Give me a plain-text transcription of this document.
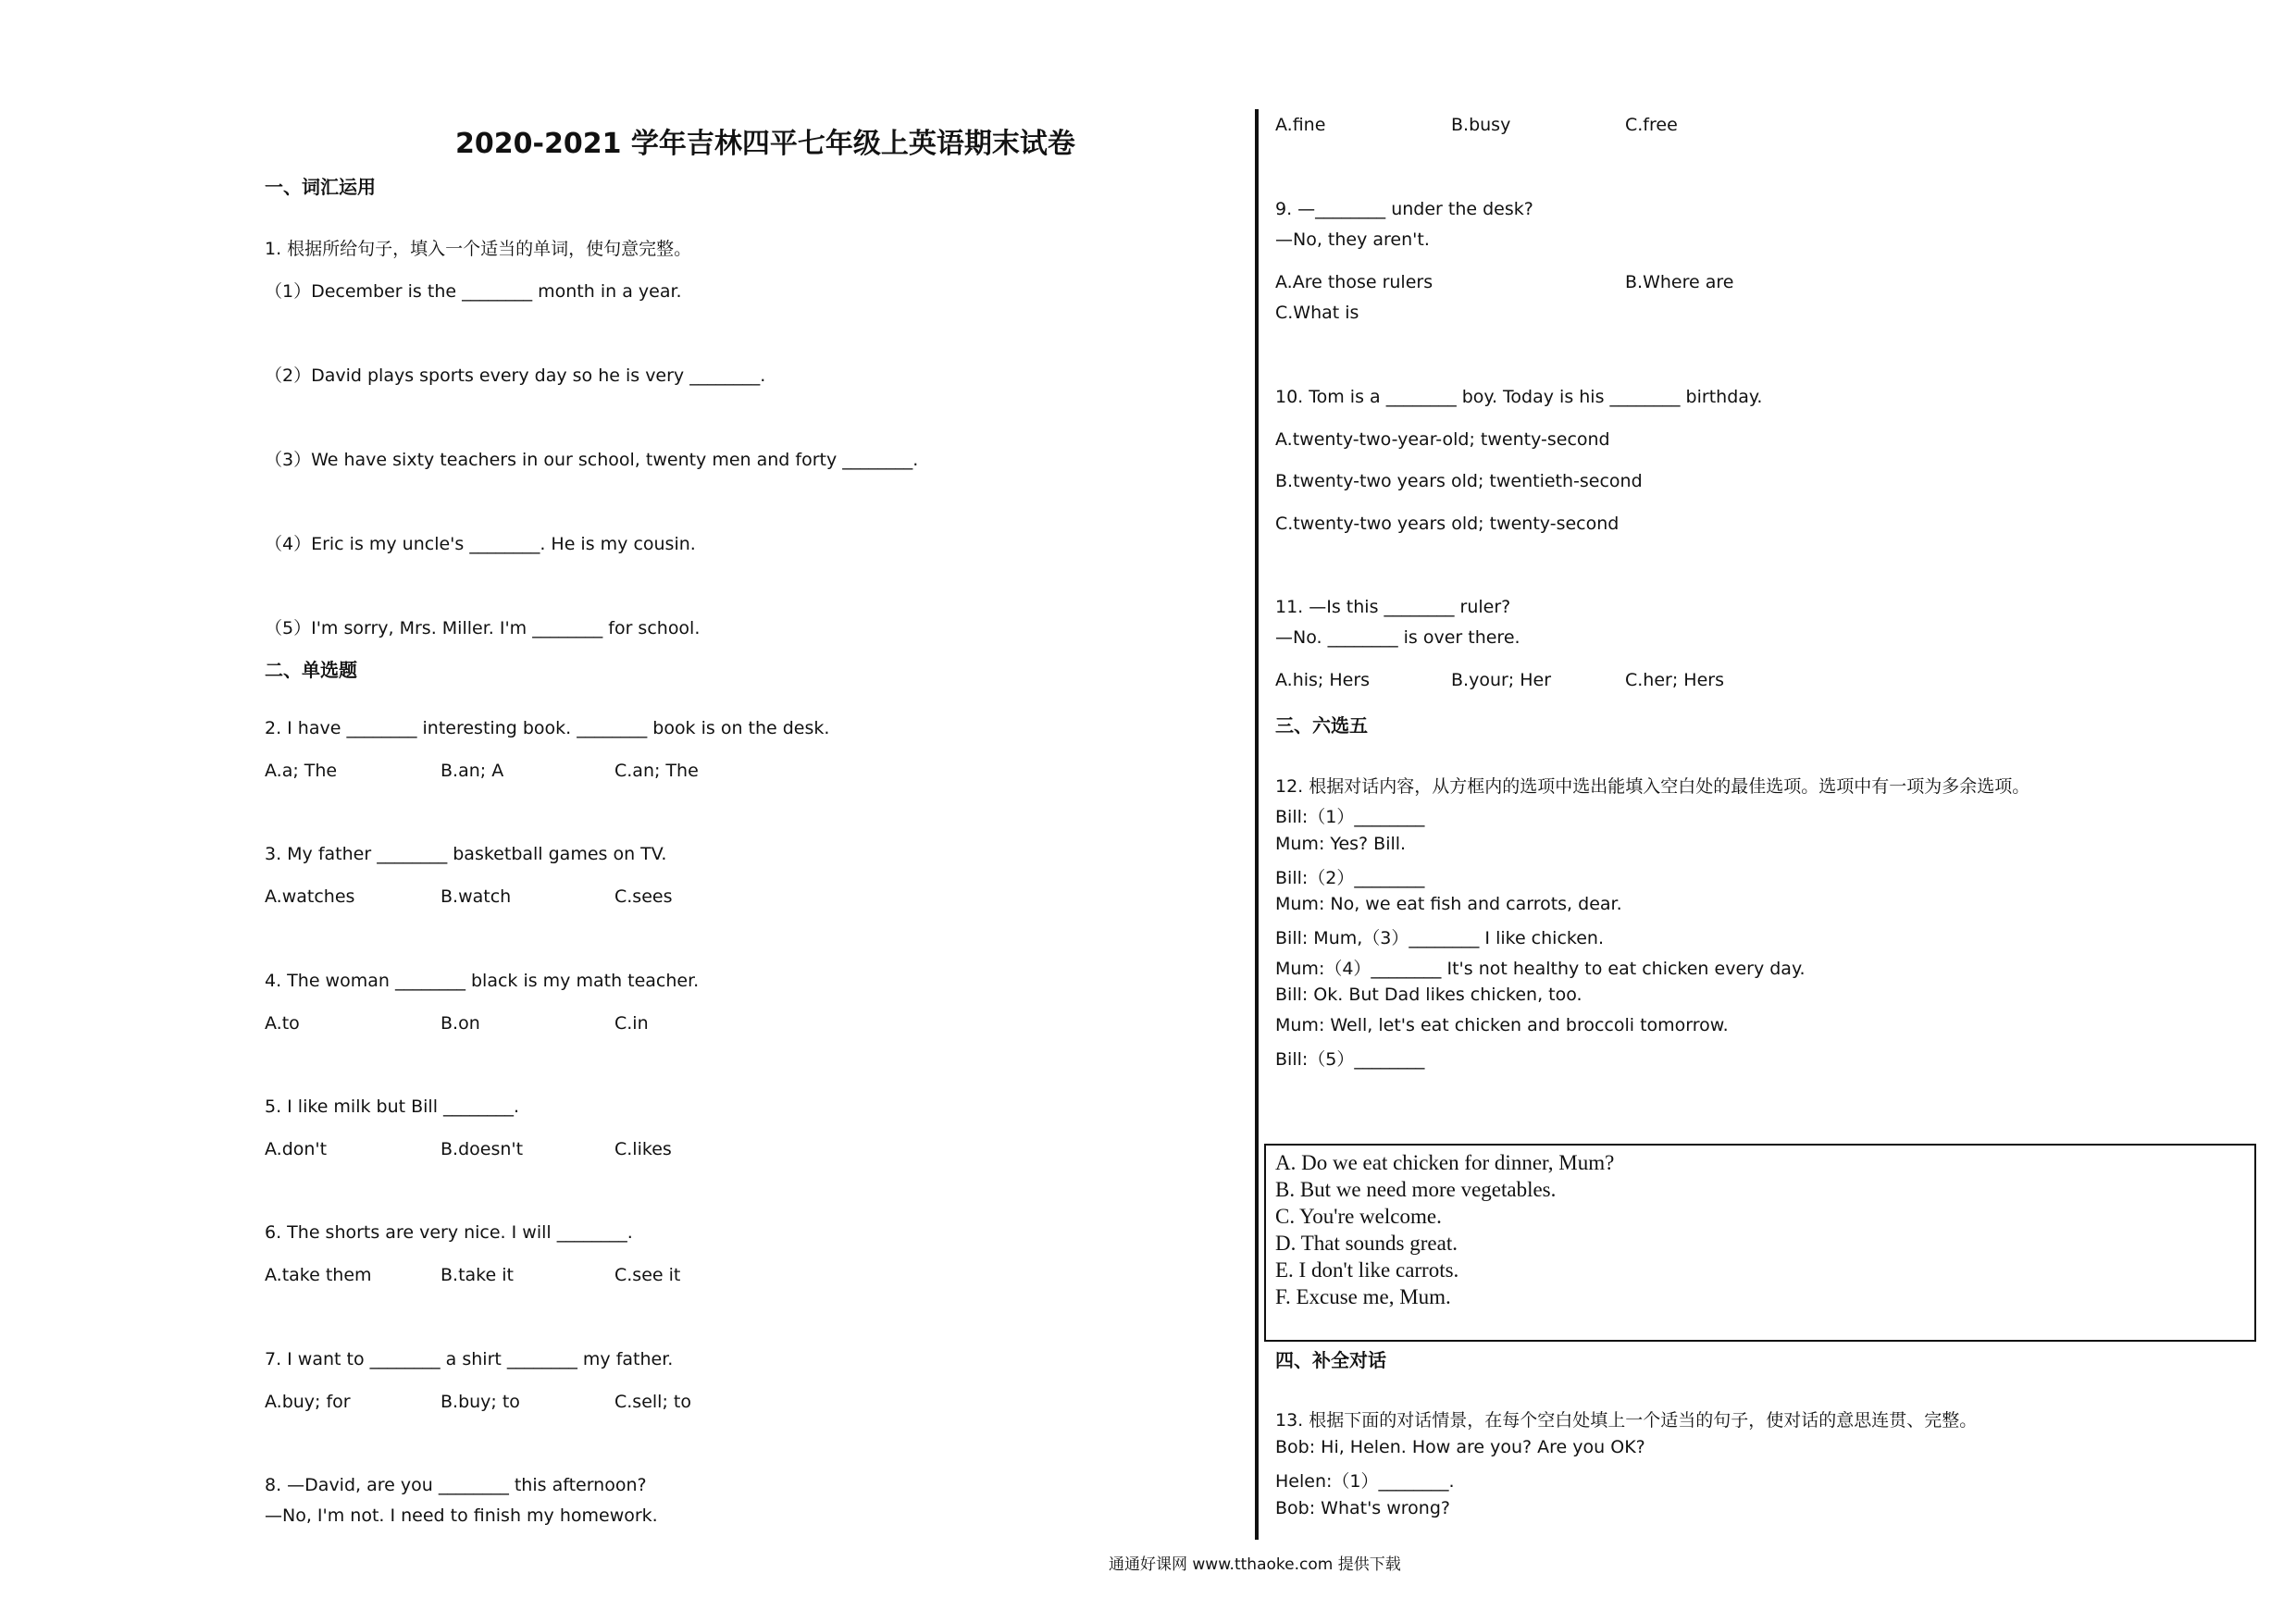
2020-2021 学年吉林四平七年级上英语期末试卷
一、词汇运用
1. 根据所给句子，填入一个适当的单词，使句意完整。
（1）December is the ________ month in a year.
（2）David plays sports every day so he is very ________.
（3）We have sixty teachers in our school, twenty men and forty ________.
（4）Eric is my uncle's ________. He is my cousin.
（5）I'm sorry, Mrs. Miller. I'm ________ for school.
二、单选题
2. I have ________ interesting book. ________ book is on the desk.
A.a; The	B.an; A	C.an; The
3. My father ________ basketball games on TV.
A.watches	B.watch	C.sees
4. The woman ________ black is my math teacher.
A.to	B.on	C.in
5. I like milk but Bill ________.
A.don't	B.doesn't	C.likes
6. The shorts are very nice. I will ________.
A.take them	B.take it	C.see it
7. I want to ________ a shirt ________ my father.
A.buy; for	B.buy; to	C.sell; to
8. —David, are you ________ this afternoon?
—No, I'm not. I need to finish my homework.
A.fine	B.busy	C.free
9. —________ under the desk?
—No, they aren't.
A.Are those rulers	B.Where are
C.What is
10. Tom is a ________ boy. Today is his ________ birthday.
A.twenty-two-year-old; twenty-second
B.twenty-two years old; twentieth-second
C.twenty-two years old; twenty-second
11. —Is this ________ ruler?
—No. ________ is over there.
A.his; Hers	B.your; Her	C.her; Hers
三、六选五
12. 根据对话内容，从方框内的选项中选出能填入空白处的最佳选项。选项中有一项为多余选项。
Bill:（1）________
Mum: Yes? Bill.
Bill:（2）________
Mum: No, we eat fish and carrots, dear.
Bill: Mum,（3）________ I like chicken.
Mum:（4）________ It's not healthy to eat chicken every day.
Bill: Ok. But Dad likes chicken, too.
Mum: Well, let's eat chicken and broccoli tomorrow.
Bill:（5）________
A. Do we eat chicken for dinner, Mum?
B. But we need more vegetables.
C. You're welcome.
D. That sounds great.
E. I don't like carrots.
F. Excuse me, Mum.
四、补全对话
13. 根据下面的对话情景，在每个空白处填上一个适当的句子，使对话的意思连贯、完整。
Bob: Hi, Helen. How are you? Are you OK?
Helen:（1）________.
Bob: What's wrong?
通通好课网 www.tthaoke.com 提供下载
